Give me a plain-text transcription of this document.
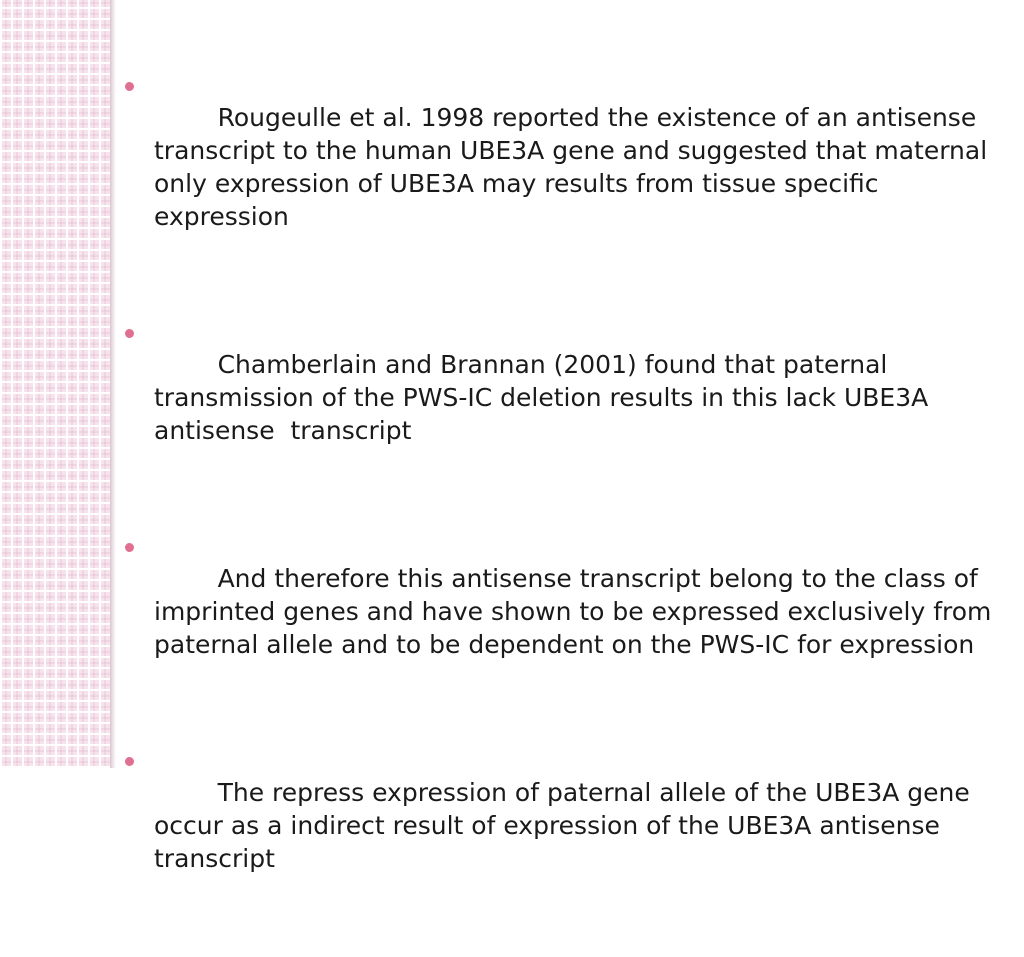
Rougeulle et al. 1998 reported the existence of an antisense transcript to the human UBE3A gene and suggested that maternal only expression of UBE3A may results from tissue specific expression

Chamberlain and Brannan (2001) found that paternal transmission of the PWS-IC deletion results in this lack UBE3A  antisense  transcript

And therefore this antisense transcript belong to the class of imprinted genes and have shown to be expressed exclusively from paternal allele and to be dependent on the PWS-IC for expression

The repress expression of paternal allele of the UBE3A gene occur as a indirect result of expression of the UBE3A antisense transcript
